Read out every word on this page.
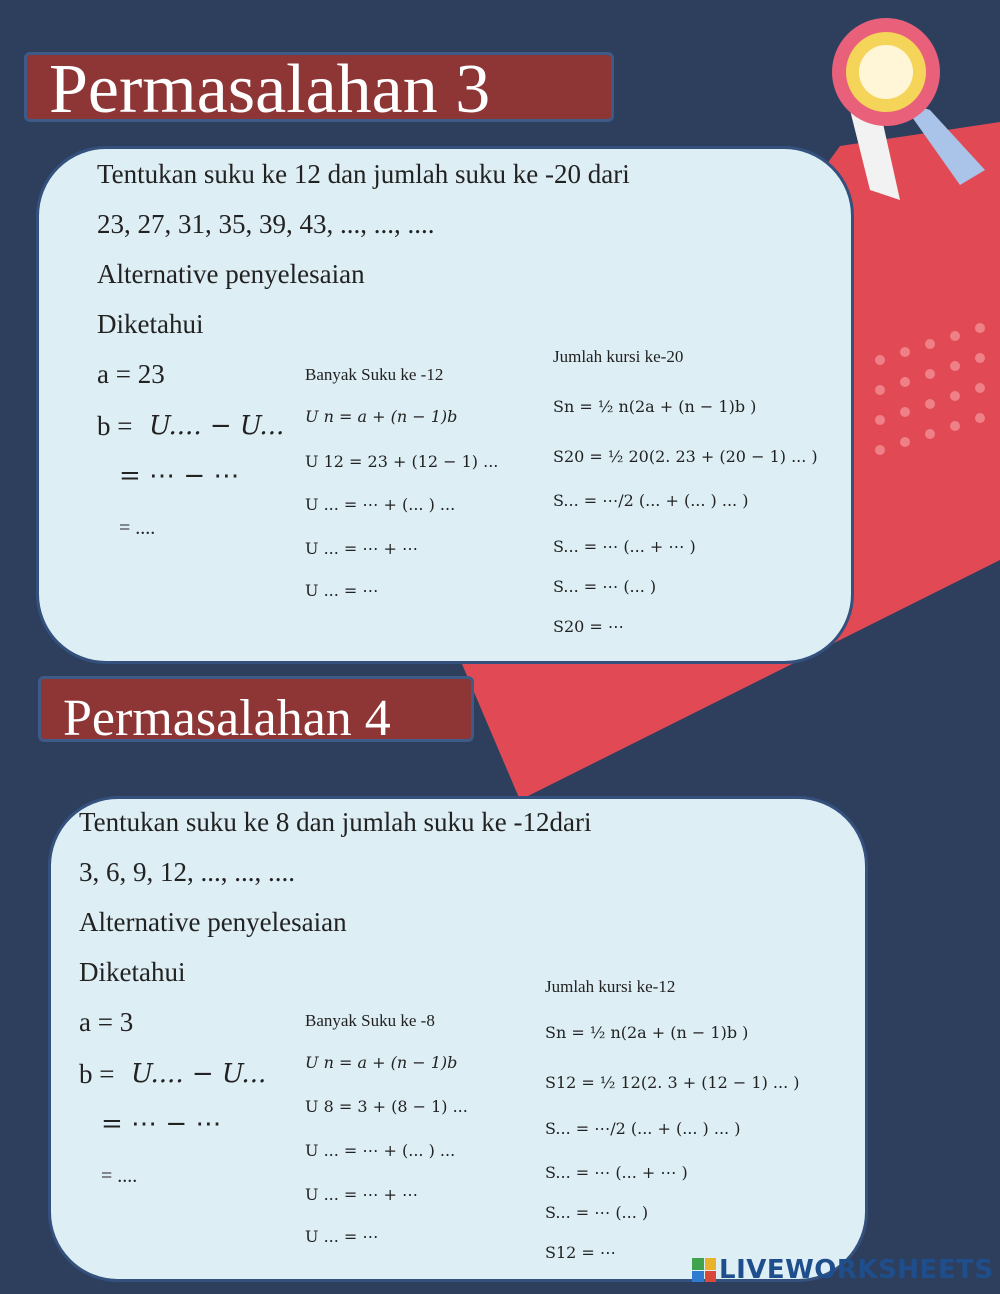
Permasalahan 3
Tentukan suku ke 12 dan jumlah suku ke -20 dari
23, 27, 31, 35, 39, 43, ..., ..., ....
Alternative penyelesaian
Diketahui
a = 23
b = U.... − U...
= ⋯ − ⋯
= ....
Banyak Suku ke -12
U n = a + (n − 1)b
U 12 = 23 + (12 − 1) ...
U ... = ⋯ + (... ) ...
U ... = ⋯ + ⋯
U ... = ⋯
Jumlah kursi ke-20
Sn = ½ n(2a + (n − 1)b )
S20 = ½ 20(2. 23 + (20 − 1) ... )
S... = ⋯/2 (... + (... ) ... )
S... = ⋯ (... + ⋯ )
S... = ⋯ (... )
S20 = ⋯
Permasalahan 4
Tentukan suku ke 8 dan jumlah suku ke -12dari
3, 6, 9, 12, ..., ..., ....
Alternative penyelesaian
Diketahui
a = 3
b = U.... − U...
= ⋯ − ⋯
= ....
Banyak Suku ke -8
U n = a + (n − 1)b
U 8 = 3 + (8 − 1) ...
U ... = ⋯ + (... ) ...
U ... = ⋯ + ⋯
U ... = ⋯
Jumlah kursi ke-12
Sn = ½ n(2a + (n − 1)b )
S12 = ½ 12(2. 3 + (12 − 1) ... )
S... = ⋯/2 (... + (... ) ... )
S... = ⋯ (... + ⋯ )
S... = ⋯ (... )
S12 = ⋯
LIVEWORKSHEETS
